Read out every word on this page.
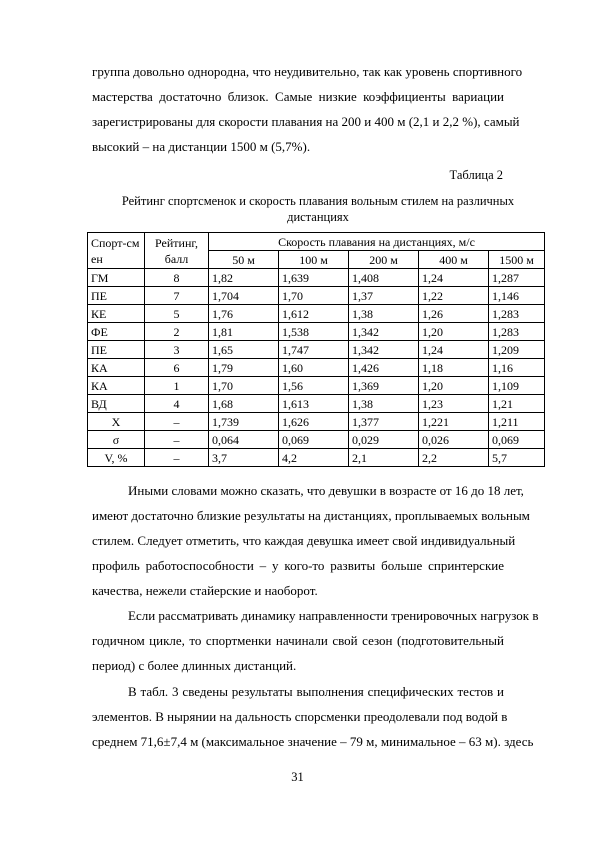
группа довольно однородна, что неудивительно, так как уровень спортивного
мастерства достаточно близок. Самые низкие коэффициенты вариации
зарегистрированы для скорости плавания на 200 и 400 м (2,1 и 2,2 %), самый
высокий – на дистанции 1500 м (5,7%).
Таблица 2
Рейтинг спортсменок и скорость плавания вольным стилем на различных дистанциях
Спорт-смен	Рейтинг, балл	Скорость плавания на дистанциях, м/с				
		50 м	100 м	200 м	400 м	1500 м
ГМ	8	1,82	1,639	1,408	1,24	1,287
ПЕ	7	1,704	1,70	1,37	1,22	1,146
КЕ	5	1,76	1,612	1,38	1,26	1,283
ФЕ	2	1,81	1,538	1,342	1,20	1,283
ПЕ	3	1,65	1,747	1,342	1,24	1,209
КА	6	1,79	1,60	1,426	1,18	1,16
КА	1	1,70	1,56	1,369	1,20	1,109
ВД	4	1,68	1,613	1,38	1,23	1,21
X	–	1,739	1,626	1,377	1,221	1,211
σ	–	0,064	0,069	0,029	0,026	0,069
V, %	–	3,7	4,2	2,1	2,2	5,7
Иными словами можно сказать, что девушки в возрасте от 16 до 18 лет,
имеют достаточно близкие результаты на дистанциях, проплываемых вольным
стилем. Следует отметить, что каждая девушка имеет свой индивидуальный
профиль работоспособности – у кого-то развиты больше спринтерские
качества, нежели стайерские и наоборот.
Если рассматривать динамику направленности тренировочных нагрузок в
годичном цикле, то спортменки начинали свой сезон (подготовительный
период) с более длинных дистанций.
В табл. 3 сведены результаты выполнения специфических тестов и
элементов. В нырянии на дальность спорсменки преодолевали под водой в
среднем 71,6±7,4 м (максимальное значение – 79 м, минимальное – 63 м). здесь
31
